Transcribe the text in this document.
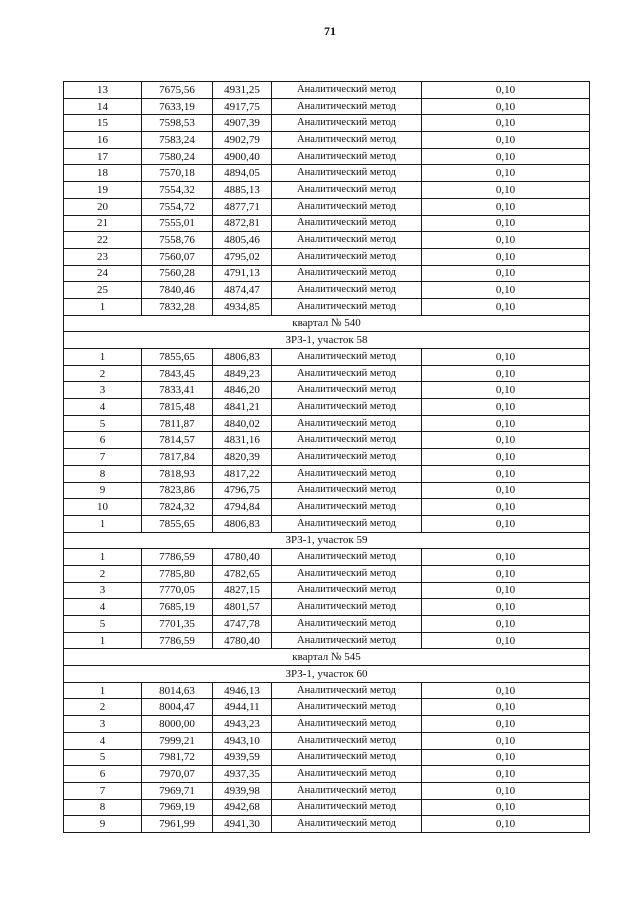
71
13	7675,56	4931,25	Аналитический метод	0,10
14	7633,19	4917,75	Аналитический метод	0,10
15	7598,53	4907,39	Аналитический метод	0,10
16	7583,24	4902,79	Аналитический метод	0,10
17	7580,24	4900,40	Аналитический метод	0,10
18	7570,18	4894,05	Аналитический метод	0,10
19	7554,32	4885,13	Аналитический метод	0,10
20	7554,72	4877,71	Аналитический метод	0,10
21	7555,01	4872,81	Аналитический метод	0,10
22	7558,76	4805,46	Аналитический метод	0,10
23	7560,07	4795,02	Аналитический метод	0,10
24	7560,28	4791,13	Аналитический метод	0,10
25	7840,46	4874,47	Аналитический метод	0,10
1	7832,28	4934,85	Аналитический метод	0,10
квартал № 540				
ЗРЗ-1, участок 58				
1	7855,65	4806,83	Аналитический метод	0,10
2	7843,45	4849,23	Аналитический метод	0,10
3	7833,41	4846,20	Аналитический метод	0,10
4	7815,48	4841,21	Аналитический метод	0,10
5	7811,87	4840,02	Аналитический метод	0,10
6	7814,57	4831,16	Аналитический метод	0,10
7	7817,84	4820,39	Аналитический метод	0,10
8	7818,93	4817,22	Аналитический метод	0,10
9	7823,86	4796,75	Аналитический метод	0,10
10	7824,32	4794,84	Аналитический метод	0,10
1	7855,65	4806,83	Аналитический метод	0,10
ЗРЗ-1, участок 59				
1	7786,59	4780,40	Аналитический метод	0,10
2	7785,80	4782,65	Аналитический метод	0,10
3	7770,05	4827,15	Аналитический метод	0,10
4	7685,19	4801,57	Аналитический метод	0,10
5	7701,35	4747,78	Аналитический метод	0,10
1	7786,59	4780,40	Аналитический метод	0,10
квартал № 545				
ЗРЗ-1, участок 60				
1	8014,63	4946,13	Аналитический метод	0,10
2	8004,47	4944,11	Аналитический метод	0,10
3	8000,00	4943,23	Аналитический метод	0,10
4	7999,21	4943,10	Аналитический метод	0,10
5	7981,72	4939,59	Аналитический метод	0,10
6	7970,07	4937,35	Аналитический метод	0,10
7	7969,71	4939,98	Аналитический метод	0,10
8	7969,19	4942,68	Аналитический метод	0,10
9	7961,99	4941,30	Аналитический метод	0,10
